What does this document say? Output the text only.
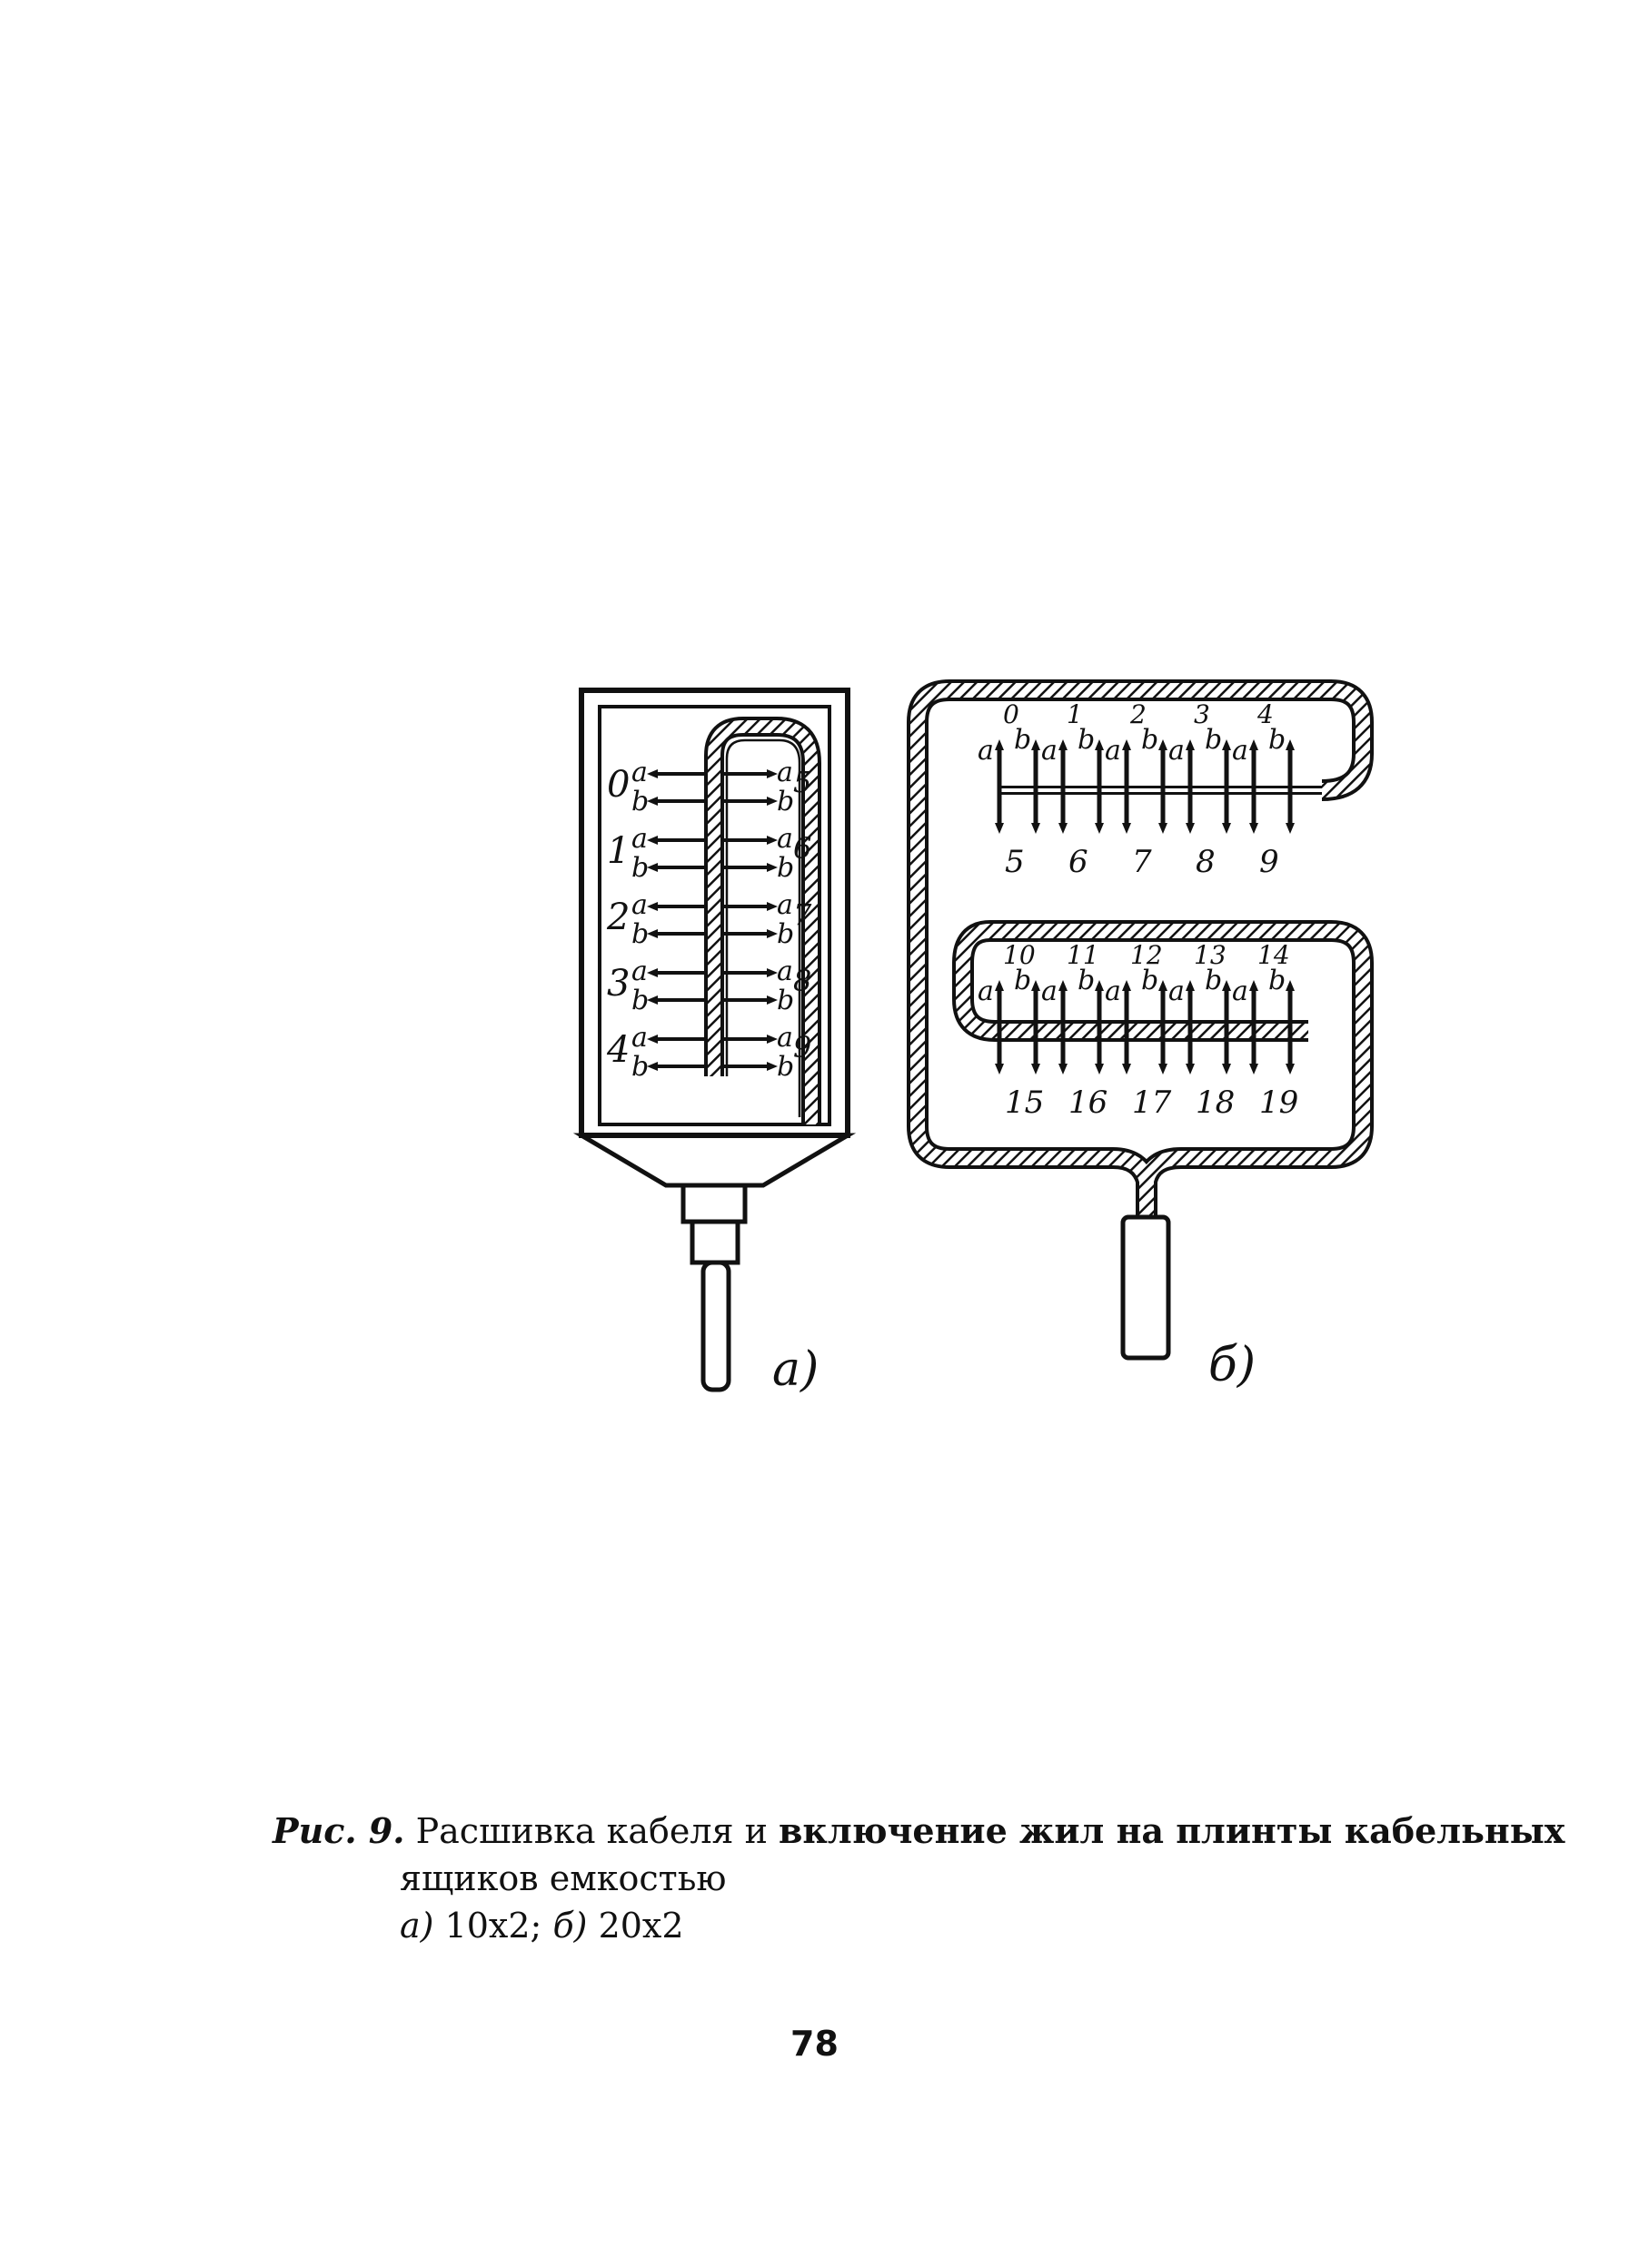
0 a
b
a
b
5
1 a
b
a
b
6
2 a
b
a
b
7
3 a
b
a
b
8
4 a
b
a
b
9
а)
a b
0
5
a b
1
6
a b
2
7
a b
3
8
a b
4
9
a b
10
15
a b
11
16
a b
12
17
a b
13
18
a b
14
19
б)
Рис. 9. Расшивка кабеля и включение жил на плинты кабельных
ящиков емкостью
а) 10х2; б) 20х2
78
